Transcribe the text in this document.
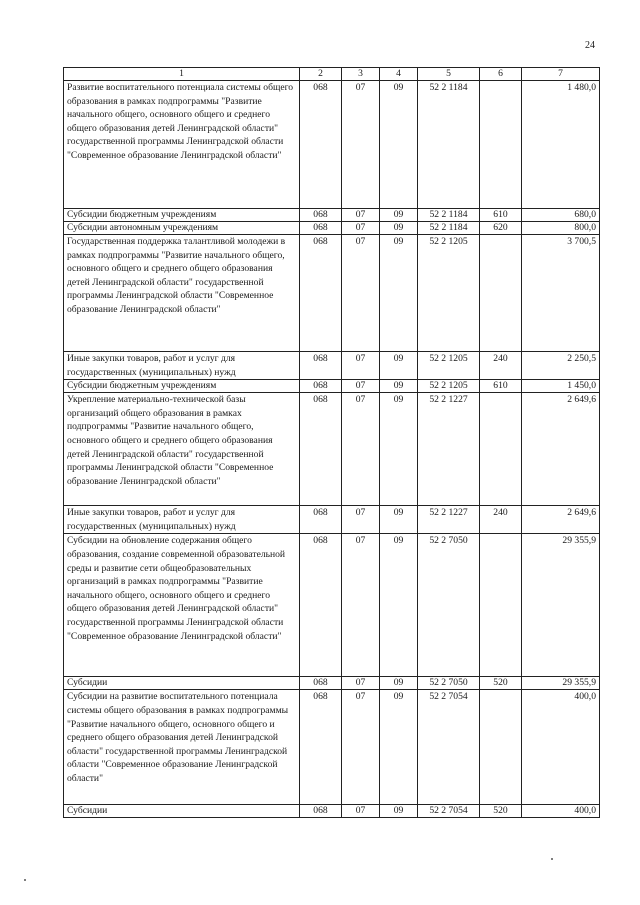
24
1	2	3	4	5	6	7
Развитие воспитательного потенциала системы общего образования в рамках подпрограммы "Развитие начального общего, основного общего и среднего общего образования детей Ленинградской области" государственной программы Ленинградской области "Современное образование Ленинградской области"	068	07	09	52 2 1184		1 480,0
Субсидии бюджетным учреждениям	068	07	09	52 2 1184	610	680,0
Субсидии автономным учреждениям	068	07	09	52 2 1184	620	800,0
Государственная поддержка талантливой молодежи в рамках подпрограммы "Развитие начального общего, основного общего и среднего общего образования детей Ленинградской области" государственной программы Ленинградской области "Современное образование Ленинградской области"	068	07	09	52 2 1205		3 700,5
Иные закупки товаров, работ и услуг для государственных (муниципальных) нужд	068	07	09	52 2 1205	240	2 250,5
Субсидии бюджетным учреждениям	068	07	09	52 2 1205	610	1 450,0
Укрепление материально-технической базы организаций общего образования в рамках подпрограммы "Развитие начального общего, основного общего и среднего общего образования детей Ленинградской области" государственной программы Ленинградской области "Современное образование Ленинградской области"	068	07	09	52 2 1227		2 649,6
Иные закупки товаров, работ и услуг для государственных (муниципальных) нужд	068	07	09	52 2 1227	240	2 649,6
Субсидии на обновление содержания общего образования, создание современной образовательной среды и развитие сети общеобразовательных организаций в рамках подпрограммы "Развитие начального общего, основного общего и среднего общего образования детей Ленинградской области" государственной программы Ленинградской области "Современное образование Ленинградской области"	068	07	09	52 2 7050		29 355,9
Субсидии	068	07	09	52 2 7050	520	29 355,9
Субсидии на развитие воспитательного потенциала системы общего образования в рамках подпрограммы "Развитие начального общего, основного общего и среднего общего образования детей Ленинградской области" государственной программы Ленинградской области "Современное образование Ленинградской области"	068	07	09	52 2 7054		400,0
Субсидии	068	07	09	52 2 7054	520	400,0
